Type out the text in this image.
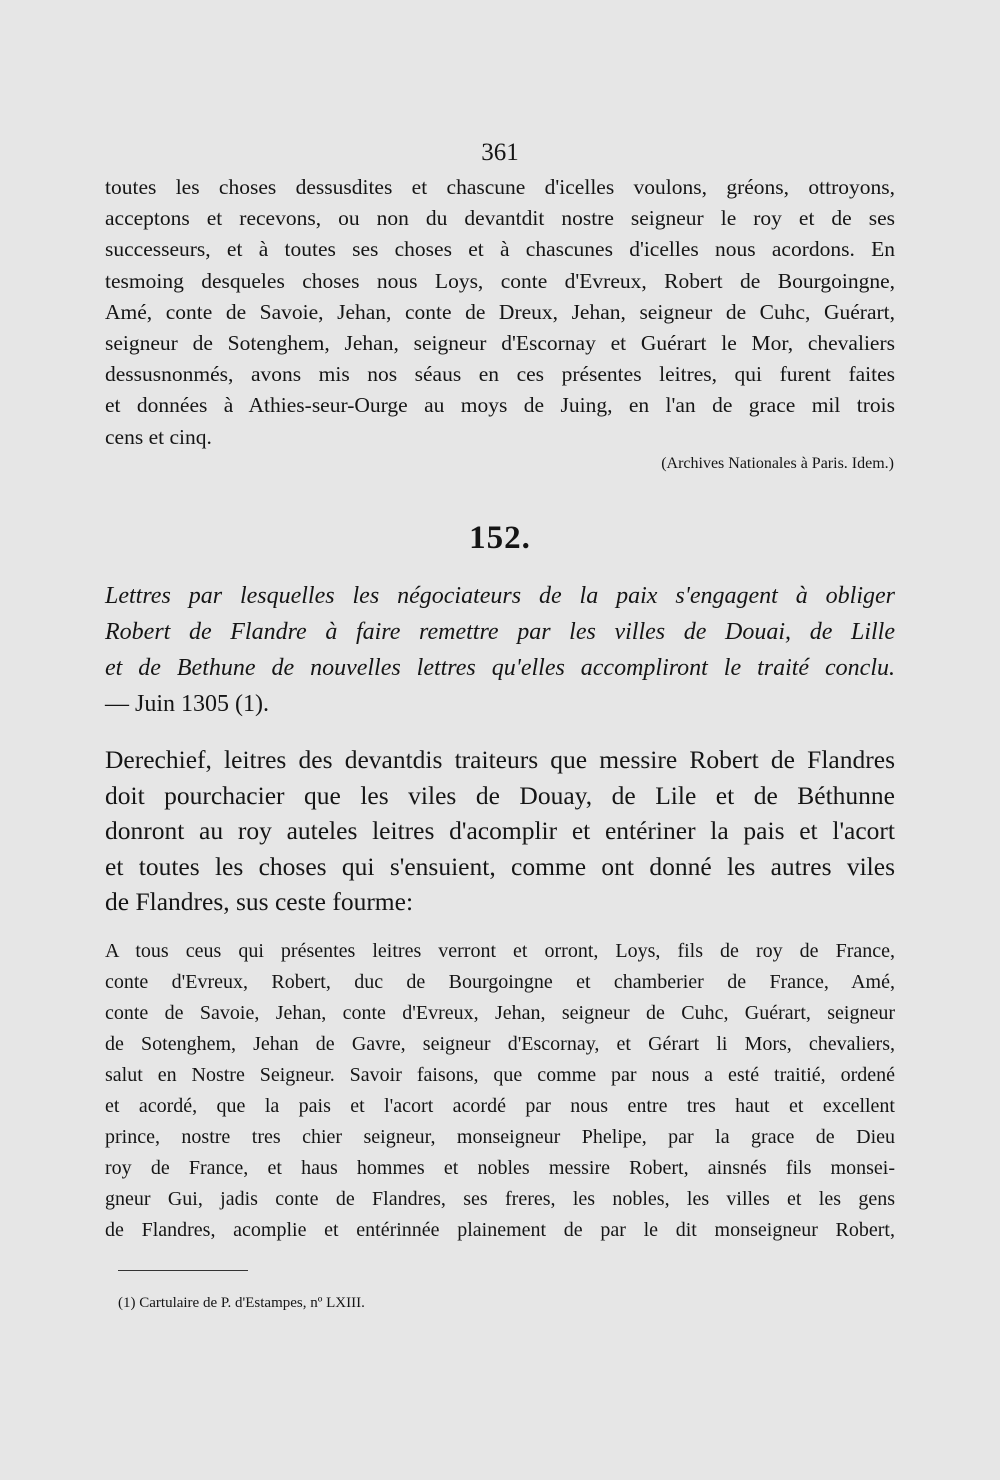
361
toutes les choses dessusdites et chascune d'icelles voulons, gréons, ottroyons,
acceptons et recevons, ou non du devantdit nostre seigneur le roy et de ses
successeurs, et à toutes ses choses et à chascunes d'icelles nous acordons. En
tesmoing desqueles choses nous Loys, conte d'Evreux, Robert de Bourgoingne,
Amé, conte de Savoie, Jehan, conte de Dreux, Jehan, seigneur de Cuhc, Guérart,
seigneur de Sotenghem, Jehan, seigneur d'Escornay et Guérart le Mor, chevaliers
dessusnonmés, avons mis nos séaus en ces présentes leitres, qui furent faites
et données à Athies-seur-Ourge au moys de Juing, en l'an de grace mil trois
cens et cinq.
(Archives Nationales à Paris. Idem.)
152.
Lettres par lesquelles les négociateurs de la paix s'engagent à obliger
Robert de Flandre à faire remettre par les villes de Douai, de Lille
et de Bethune de nouvelles lettres qu'elles accompliront le traité conclu.
— Juin 1305 (1).
Derechief, leitres des devantdis traiteurs que messire Robert de Flandres
doit pourchacier que les viles de Douay, de Lile et de Béthunne
donront au roy auteles leitres d'acomplir et entériner la pais et l'acort
et toutes les choses qui s'ensuient, comme ont donné les autres viles
de Flandres, sus ceste fourme:
A tous ceus qui présentes leitres verront et orront, Loys, fils de roy de France,
conte d'Evreux, Robert, duc de Bourgoingne et chamberier de France, Amé,
conte de Savoie, Jehan, conte d'Evreux, Jehan, seigneur de Cuhc, Guérart, seigneur
de Sotenghem, Jehan de Gavre, seigneur d'Escornay, et Gérart li Mors, chevaliers,
salut en Nostre Seigneur. Savoir faisons, que comme par nous a esté traitié, ordené
et acordé, que la pais et l'acort acordé par nous entre tres haut et excellent
prince, nostre tres chier seigneur, monseigneur Phelipe, par la grace de Dieu
roy de France, et haus hommes et nobles messire Robert, ainsnés fils monsei-
gneur Gui, jadis conte de Flandres, ses freres, les nobles, les villes et les gens
de Flandres, acomplie et entérinnée plainement de par le dit monseigneur Robert,
(1) Cartulaire de P. d'Estampes, nº LXIII.
